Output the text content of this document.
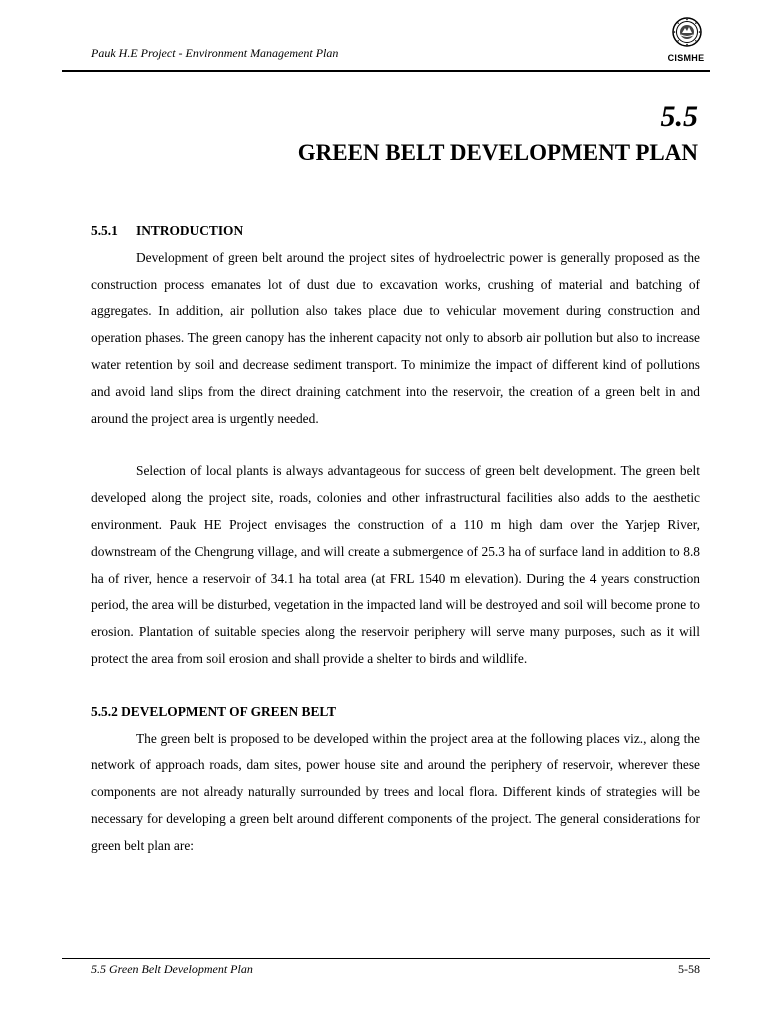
Pauk H.E Project - Environment Management Plan	CISMHE
5.5
GREEN BELT DEVELOPMENT PLAN
5.5.1 INTRODUCTION

Development of green belt around the project sites of hydroelectric power is generally proposed as the construction process emanates lot of dust due to excavation works, crushing of material and batching of aggregates. In addition, air pollution also takes place due to vehicular movement during construction and operation phases. The green canopy has the inherent capacity not only to absorb air pollution but also to increase water retention by soil and decrease sediment transport. To minimize the impact of different kind of pollutions and avoid land slips from the direct draining catchment into the reservoir, the creation of a green belt in and around the project area is urgently needed.

Selection of local plants is always advantageous for success of green belt development. The green belt developed along the project site, roads, colonies and other infrastructural facilities also adds to the aesthetic environment. Pauk HE Project envisages the construction of a 110 m high dam over the Yarjep River, downstream of the Chengrung village, and will create a submergence of 25.3 ha of surface land in addition to 8.8 ha of river, hence a reservoir of 34.1 ha total area (at FRL 1540 m elevation). During the 4 years construction period, the area will be disturbed, vegetation in the impacted land will be destroyed and soil will become prone to erosion. Plantation of suitable species along the reservoir periphery will serve many purposes, such as it will protect the area from soil erosion and shall provide a shelter to birds and wildlife.

5.5.2 DEVELOPMENT OF GREEN BELT

The green belt is proposed to be developed within the project area at the following places viz., along the network of approach roads, dam sites, power house site and around the periphery of reservoir, wherever these components are not already naturally surrounded by trees and local flora. Different kinds of strategies will be necessary for developing a green belt around different components of the project. The general considerations for green belt plan are:

5.5 Green Belt Development Plan	5-58
